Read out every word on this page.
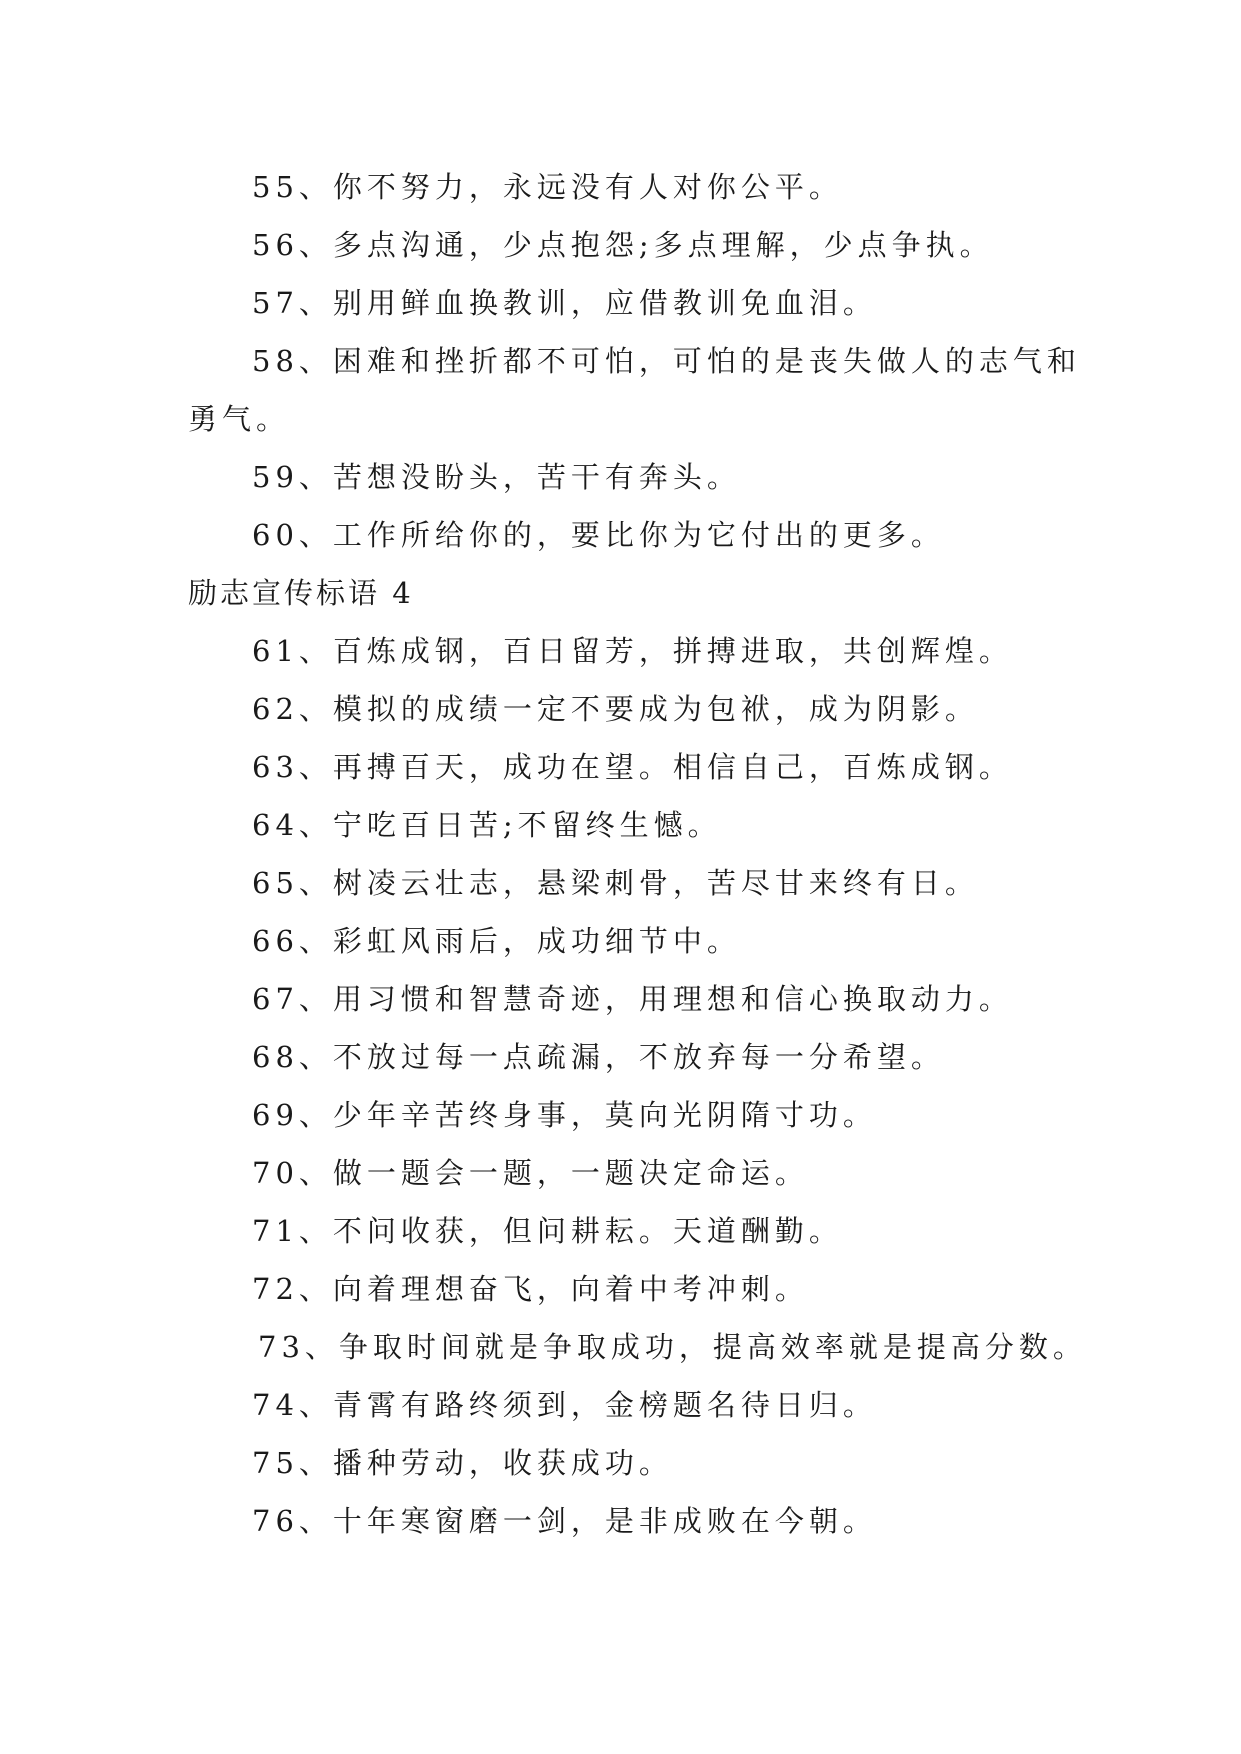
55、你不努力，永远没有人对你公平。
56、多点沟通，少点抱怨;多点理解，少点争执。
57、别用鲜血换教训，应借教训免血泪。
58、困难和挫折都不可怕，可怕的是丧失做人的志气和
勇气。
59、苦想没盼头，苦干有奔头。
60、工作所给你的，要比你为它付出的更多。
励志宣传标语 4
61、百炼成钢，百日留芳，拼搏进取，共创辉煌。
62、模拟的成绩一定不要成为包袱，成为阴影。
63、再搏百天，成功在望。相信自己，百炼成钢。
64、宁吃百日苦;不留终生憾。
65、树凌云壮志，悬梁刺骨，苦尽甘来终有日。
66、彩虹风雨后，成功细节中。
67、用习惯和智慧奇迹，用理想和信心换取动力。
68、不放过每一点疏漏，不放弃每一分希望。
69、少年辛苦终身事，莫向光阴隋寸功。
70、做一题会一题，一题决定命运。
71、不问收获，但问耕耘。天道酬勤。
72、向着理想奋飞，向着中考冲刺。
73、争取时间就是争取成功，提高效率就是提高分数。
74、青霄有路终须到，金榜题名待日归。
75、播种劳动，收获成功。
76、十年寒窗磨一剑，是非成败在今朝。
